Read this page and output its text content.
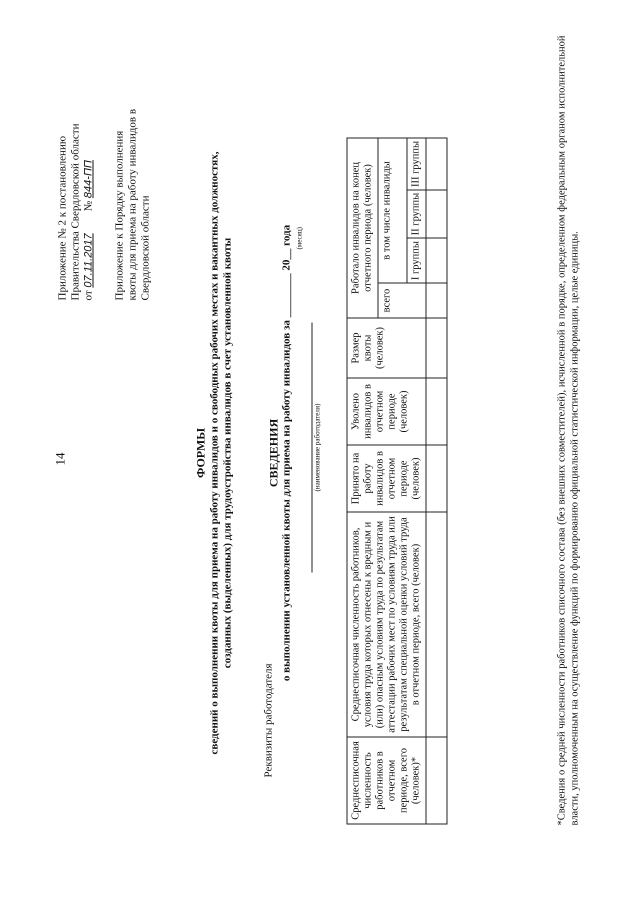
14
Приложение № 2 к постановлению Правительства Свердловской области от 07.11.2017        № 844-ПП Приложение к Порядку выполнения квоты для приема на работу инвалидов в Свердловской области
ФОРМЫ сведений о выполнении квоты для приема на работу инвалидов и о свободных рабочих местах и вакантных должностях, созданных (выделенных) для трудоустройства инвалидов в счет установленной квоты
Реквизиты работодателя
СВЕДЕНИЯ о выполнении установленной квоты для приема на работу инвалидов за ________ 20__ года (месяц)
(наименование работодателя)
Среднесписочная численность работников в отчетном периоде, всего (человек)*	Среднесписочная численность работников, условия труда которых отнесены к вредным и (или) опасным условиям труда по результатам аттестации рабочих мест по условиям труда или результатам специальной оценки условий труда в отчетном периоде, всего (человек)	Принято на работу инвалидов в отчетном периоде (человек)	Уволено инвалидов в отчетном периоде (человек)	Размер квоты (человек)	Работало инвалидов на конец отчетного периода (человек)			
					всего	в том числе инвалиды		
						I группы	II группы	III группы
									*Сведения о средней численности работников списочного состава (без внешних совместителей), исчисленной в порядке, определенном федеральным органом исполнительной власти, уполномоченным на осуществление функций по формированию официальной статистической информации, целые единицы.
